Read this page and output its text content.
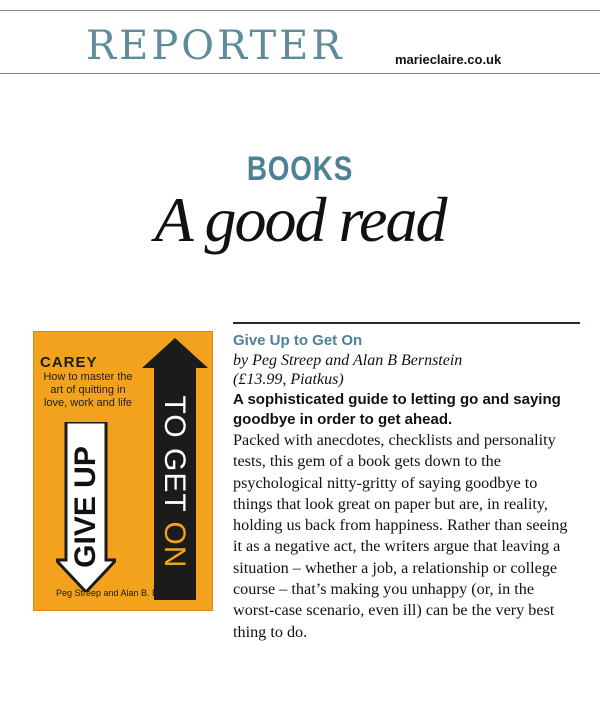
REPORTER	marieclaire.co.uk
BOOKS
A good read
CAREY
How to master the art of quitting in love, work and life
GIVE UP TO GET ON
Peg Streep and Alan B. Bernstein
Give Up to Get On
by Peg Streep and Alan B Bernstein
(£13.99, Piatkus)
A sophisticated guide to letting go and saying goodbye in order to get ahead.
Packed with anecdotes, checklists and personality tests, this gem of a book gets down to the psychological nitty-gritty of saying goodbye to things that look great on paper but are, in reality, holding us back from happiness. Rather than seeing it as a negative act, the writers argue that leaving a situation – whether a job, a relationship or college course – that’s making you unhappy (or, in the worst-case scenario, even ill) can be the very best thing to do.
